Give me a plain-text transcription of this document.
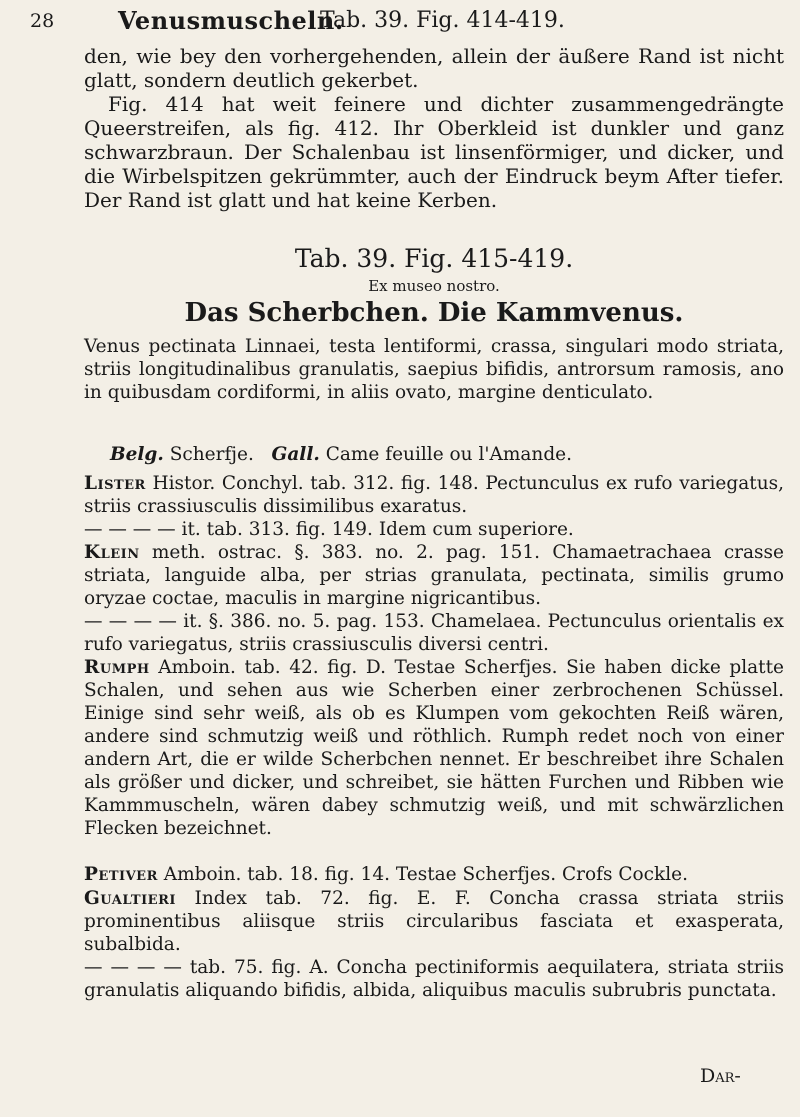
28	Venusmuscheln.
Tab. 39. Fig. 414-419.

den, wie bey den vorhergehenden, allein der äußere Rand ist nicht glatt, sondern deutlich gekerbet.

Fig. 414 hat weit feinere und dichter zusammengedrängte Queerstreifen, als fig. 412. Ihr Oberkleid ist dunkler und ganz schwarzbraun. Der Schalenbau ist linsenförmiger, und dicker, und die Wirbelspitzen gekrümmter, auch der Eindruck beym After tiefer. Der Rand ist glatt und hat keine Kerben.

Tab. 39. Fig. 415-419.
Ex museo nostro.
Das Scherbchen. Die Kammvenus.

Venus pectinata Linnaei, testa lentiformi, crassa, singulari modo striata, striis longitudinalibus granulatis, saepius bifidis, antrorsum ramosis, ano in quibusdam cordiformi, in aliis ovato, margine denticulato.

Belg. Scherfje. Gall. Came feuille ou l'Amande.

Lister Histor. Conchyl. tab. 312. fig. 148. Pectunculus ex rufo variegatus, striis crassiusculis dissimilibus exaratus.

— — — — it. tab. 313. fig. 149. Idem cum superiore.

Klein meth. ostrac. §. 383. no. 2. pag. 151. Chamaetrachaea crasse striata, languide alba, per strias granulata, pectinata, similis grumo oryzae coctae, maculis in margine nigricantibus.

— — — — it. §. 386. no. 5. pag. 153. Chamelaea. Pectunculus orientalis ex rufo variegatus, striis crassiusculis diversi centri.

Rumph Amboin. tab. 42. fig. D. Testae Scherfjes. Sie haben dicke platte Schalen, und sehen aus wie Scherben einer zerbrochenen Schüssel. Einige sind sehr weiß, als ob es Klumpen vom gekochten Reiß wären, andere sind schmutzig weiß und röthlich. Rumph redet noch von einer andern Art, die er wilde Scherbchen nennet. Er beschreibet ihre Schalen als größer und dicker, und schreibet, sie hätten Furchen und Ribben wie Kammmuscheln, wären dabey schmutzig weiß, und mit schwärzlichen Flecken bezeichnet.

Petiver Amboin. tab. 18. fig. 14. Testae Scherfjes. Crofs Cockle.

Gualtieri Index tab. 72. fig. E. F. Concha crassa striata striis prominentibus aliisque striis circularibus fasciata et exasperata, subalbida.

— — — — tab. 75. fig. A. Concha pectiniformis aequilatera, striata striis granulatis aliquando bifidis, albida, aliquibus maculis subrubris punctata.

Dar-
